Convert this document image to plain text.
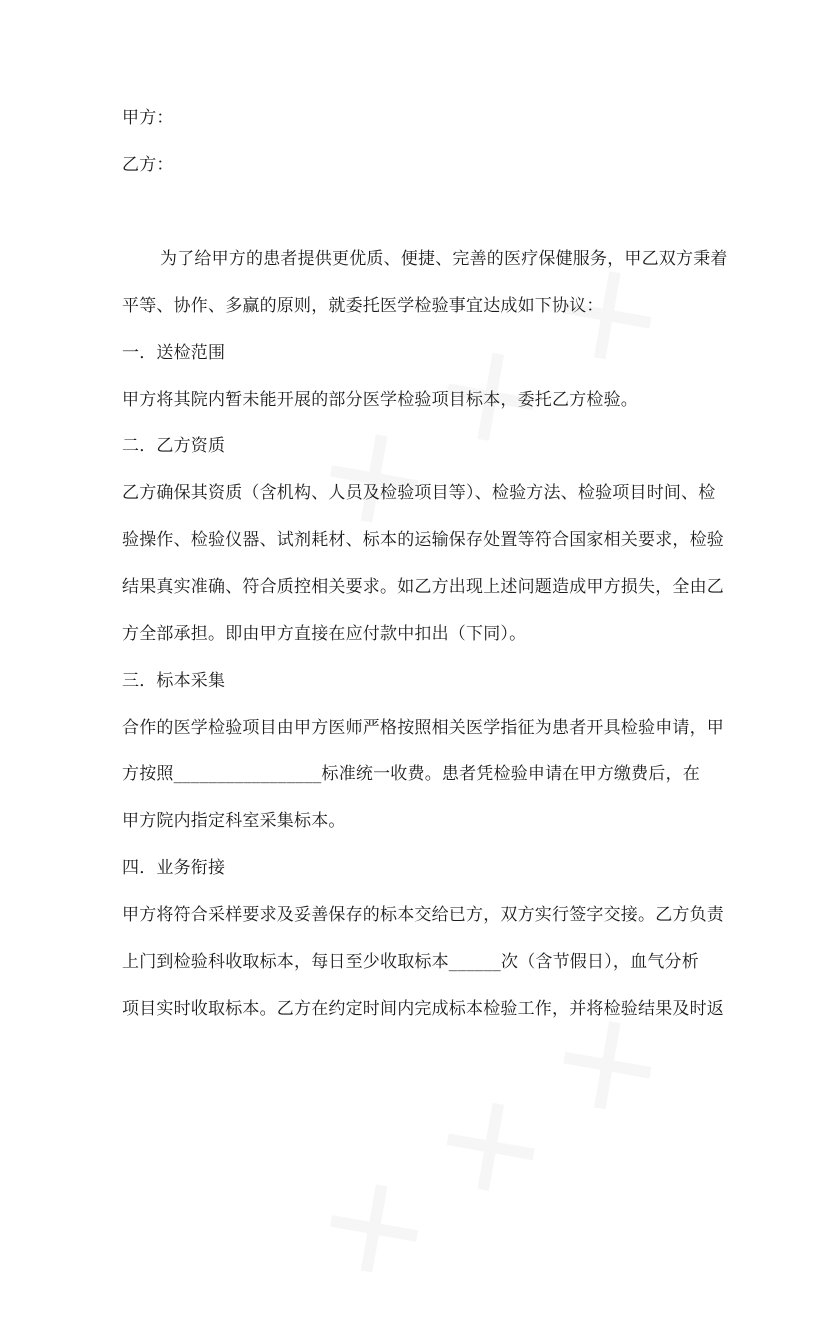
甲方：
乙方：
为了给甲方的患者提供更优质、便捷、完善的医疗保健服务，甲乙双方秉着
平等、协作、多赢的原则，就委托医学检验事宜达成如下协议：
一．送检范围
甲方将其院内暂未能开展的部分医学检验项目标本，委托乙方检验。
二．乙方资质
乙方确保其资质（含机构、人员及检验项目等）、检验方法、检验项目时间、检
验操作、检验仪器、试剂耗材、标本的运输保存处置等符合国家相关要求，检验
结果真实准确、符合质控相关要求。如乙方出现上述问题造成甲方损失，全由乙
方全部承担。即由甲方直接在应付款中扣出（下同）。
三．标本采集
合作的医学检验项目由甲方医师严格按照相关医学指征为患者开具检验申请，甲
方按照_________________标准统一收费。患者凭检验申请在甲方缴费后，在
甲方院内指定科室采集标本。
四．业务衔接
甲方将符合采样要求及妥善保存的标本交给已方，双方实行签字交接。乙方负责
上门到检验科收取标本，每日至少收取标本______次（含节假日），血气分析
项目实时收取标本。乙方在约定时间内完成标本检验工作，并将检验结果及时返
